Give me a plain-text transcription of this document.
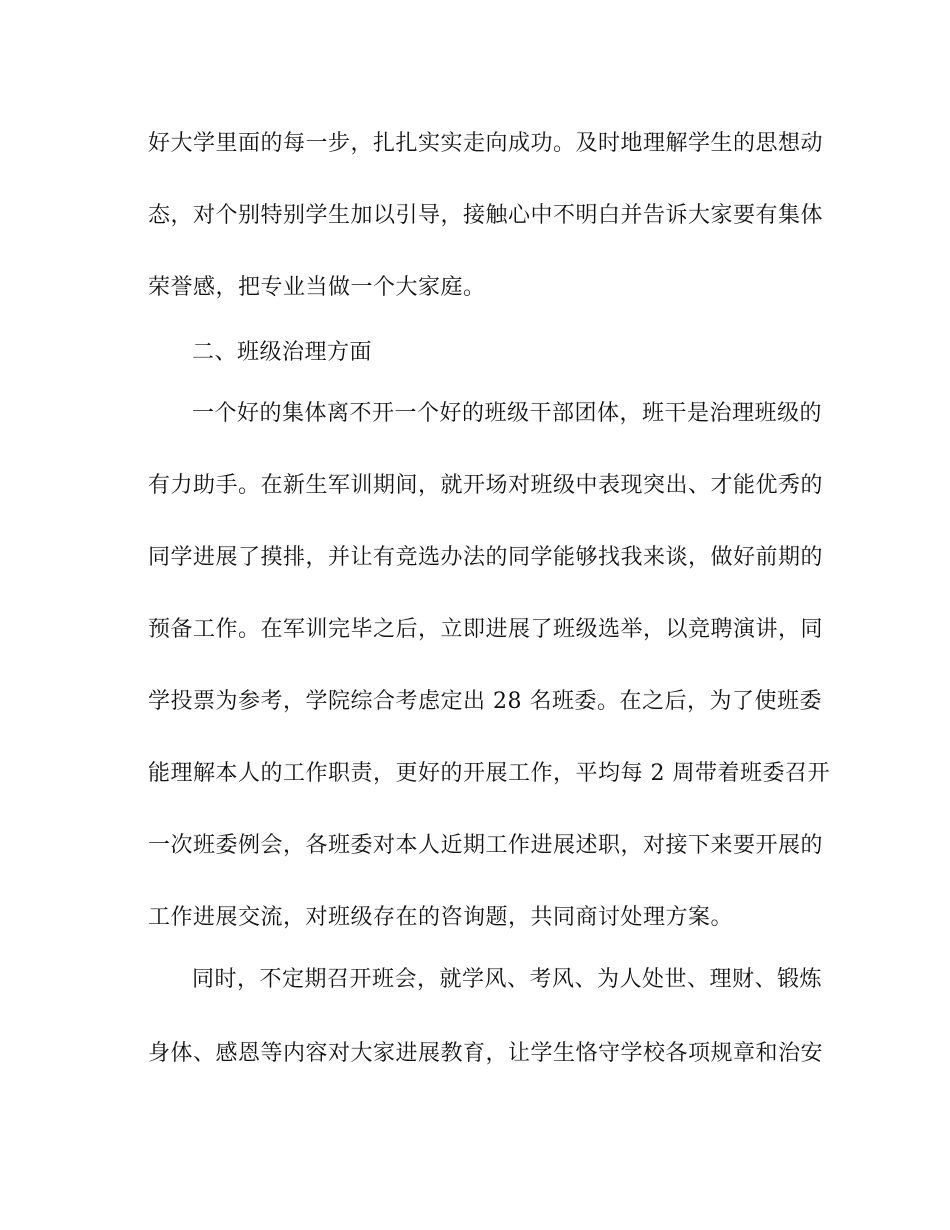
好大学里面的每一步，扎扎实实走向成功。及时地理解学生的思想动
态，对个别特别学生加以引导，接触心中不明白并告诉大家要有集体
荣誉感，把专业当做一个大家庭。
二、班级治理方面
一个好的集体离不开一个好的班级干部团体，班干是治理班级的
有力助手。在新生军训期间，就开场对班级中表现突出、才能优秀的
同学进展了摸排，并让有竞选办法的同学能够找我来谈，做好前期的
预备工作。在军训完毕之后，立即进展了班级选举，以竞聘演讲，同
学投票为参考，学院综合考虑定出 28 名班委。在之后，为了使班委
能理解本人的工作职责，更好的开展工作，平均每 2 周带着班委召开
一次班委例会，各班委对本人近期工作进展述职，对接下来要开展的
工作进展交流，对班级存在的咨询题，共同商讨处理方案。
同时，不定期召开班会，就学风、考风、为人处世、理财、锻炼
身体、感恩等内容对大家进展教育，让学生恪守学校各项规章和治安
